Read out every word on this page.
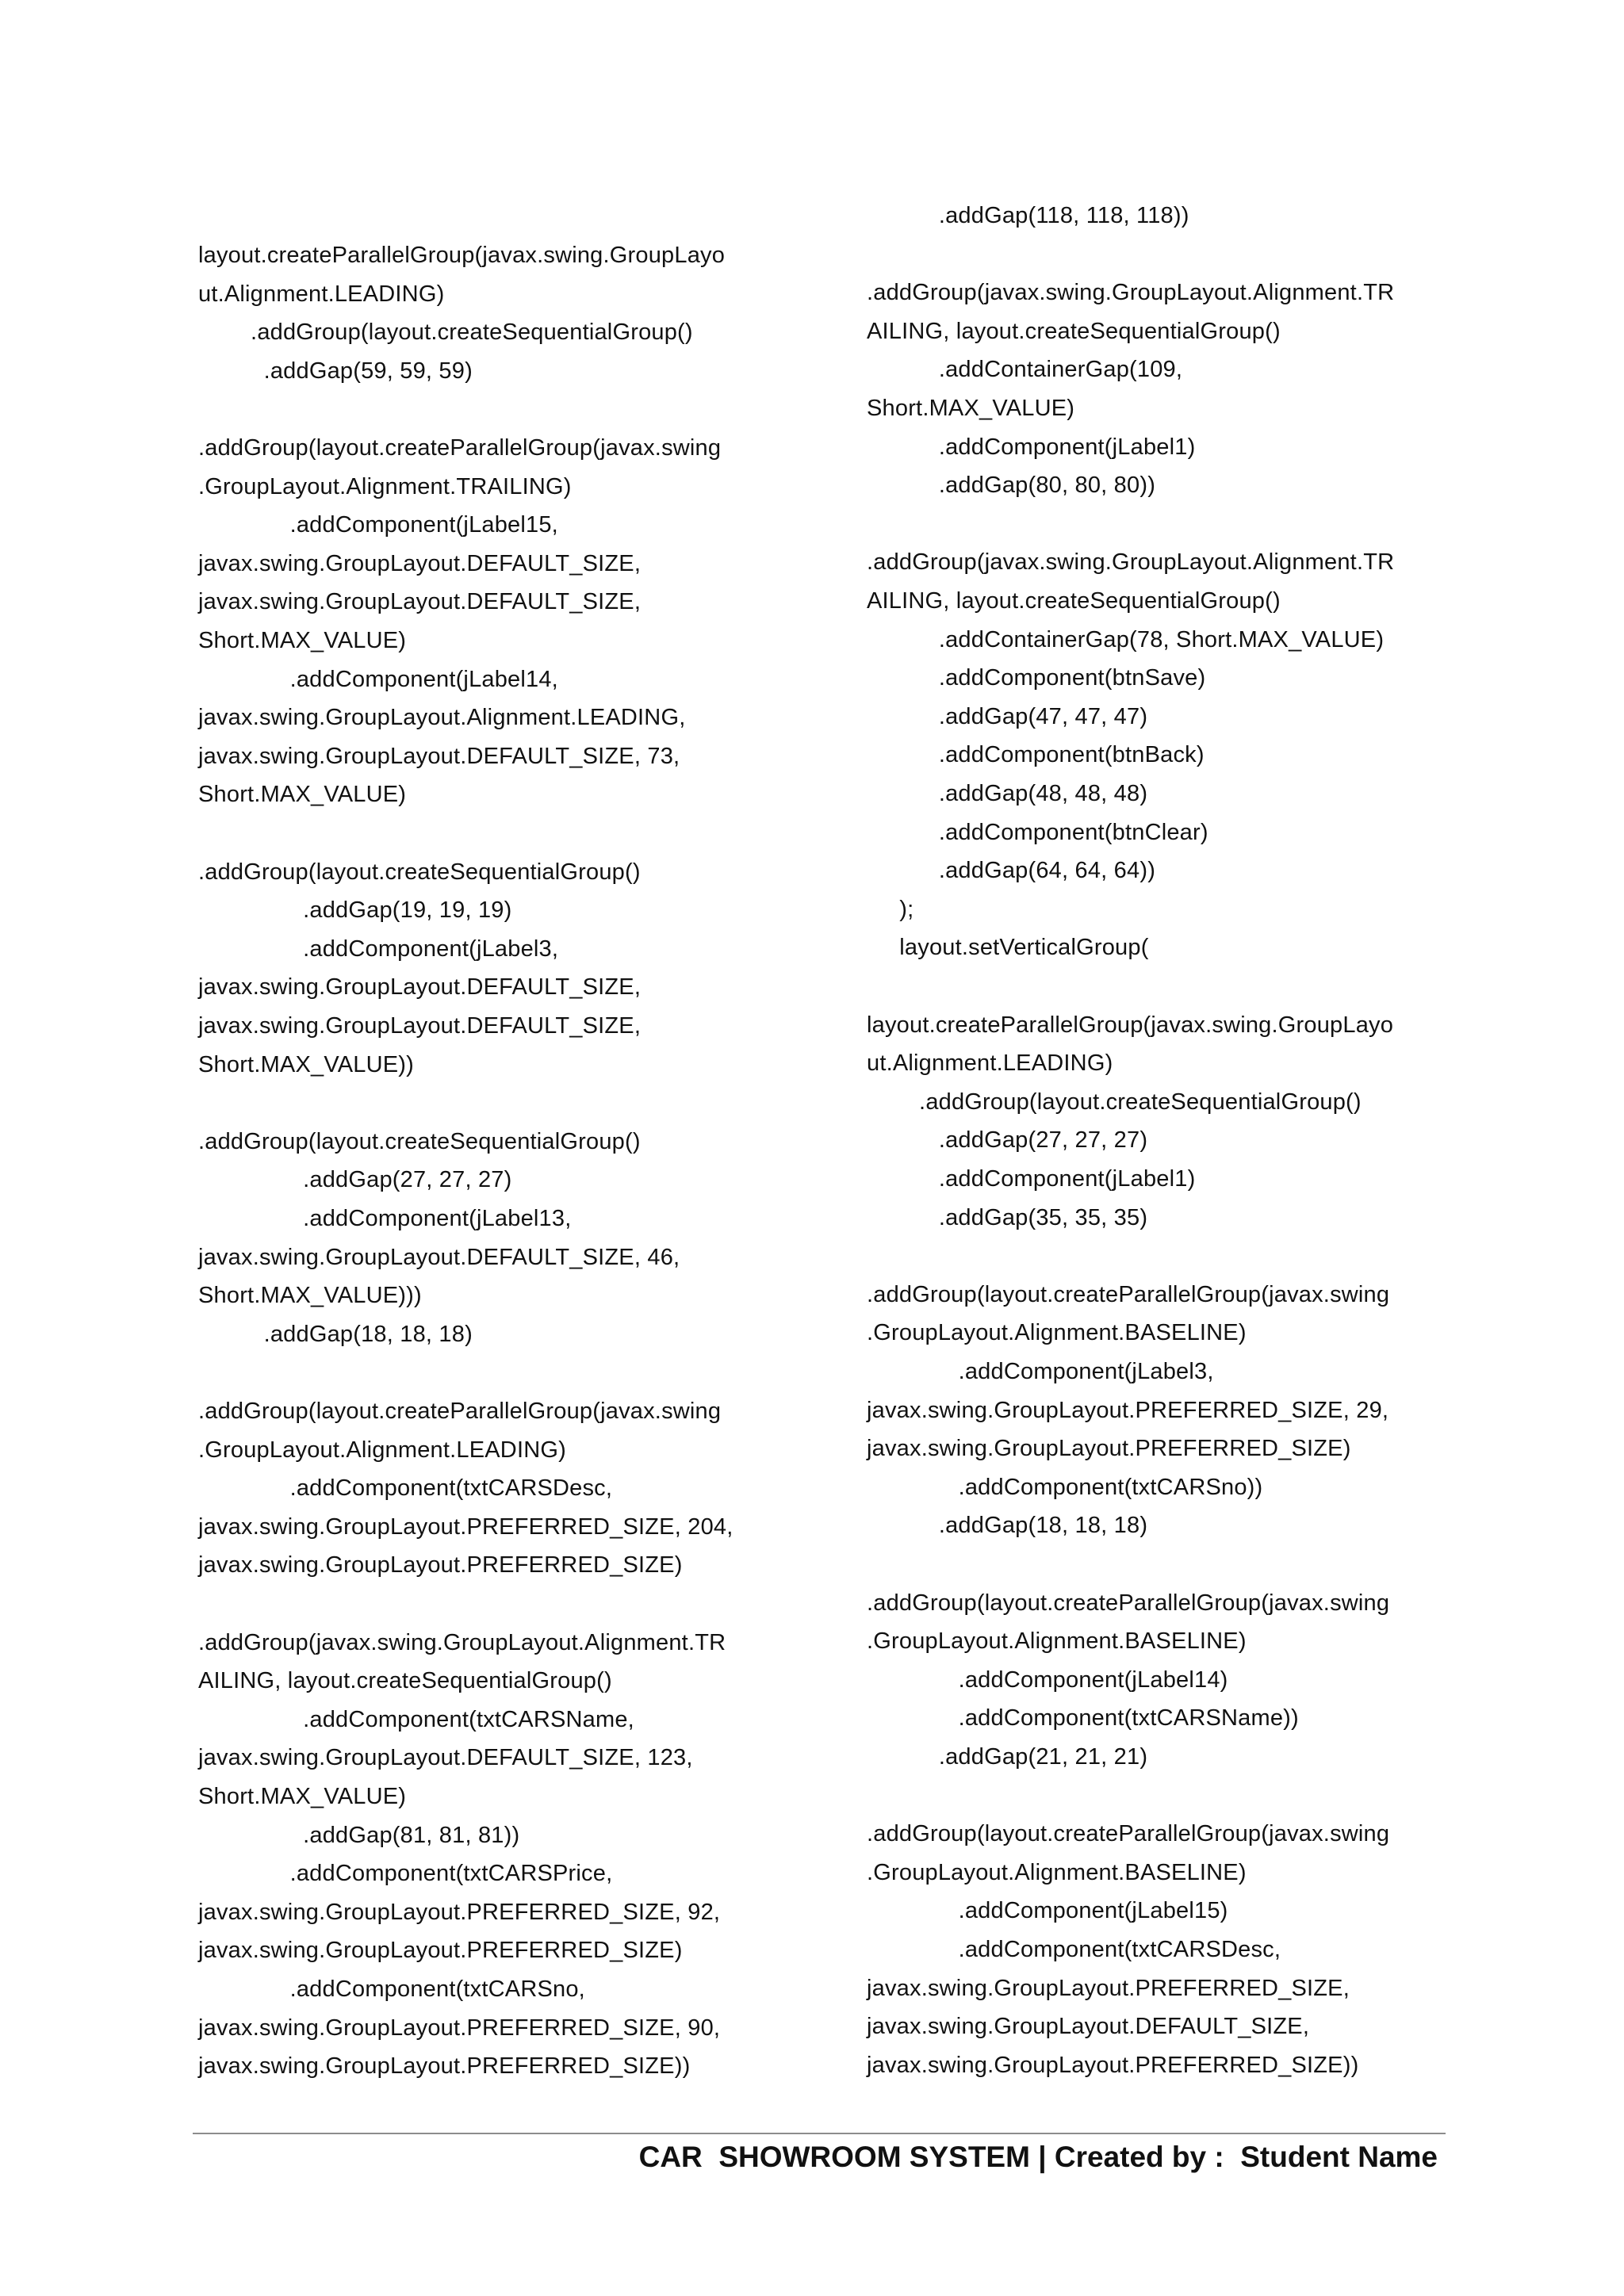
layout.createParallelGroup(javax.swing.GroupLayo
ut.Alignment.LEADING)
.addGroup(layout.createSequentialGroup()
.addGap(59, 59, 59)
.addGroup(layout.createParallelGroup(javax.swing
.GroupLayout.Alignment.TRAILING)
.addComponent(jLabel15,
javax.swing.GroupLayout.DEFAULT_SIZE,
javax.swing.GroupLayout.DEFAULT_SIZE,
Short.MAX_VALUE)
.addComponent(jLabel14,
javax.swing.GroupLayout.Alignment.LEADING,
javax.swing.GroupLayout.DEFAULT_SIZE, 73,
Short.MAX_VALUE)
.addGroup(layout.createSequentialGroup()
.addGap(19, 19, 19)
.addComponent(jLabel3,
javax.swing.GroupLayout.DEFAULT_SIZE,
javax.swing.GroupLayout.DEFAULT_SIZE,
Short.MAX_VALUE))
.addGroup(layout.createSequentialGroup()
.addGap(27, 27, 27)
.addComponent(jLabel13,
javax.swing.GroupLayout.DEFAULT_SIZE, 46,
Short.MAX_VALUE)))
.addGap(18, 18, 18)
.addGroup(layout.createParallelGroup(javax.swing
.GroupLayout.Alignment.LEADING)
.addComponent(txtCARSDesc,
javax.swing.GroupLayout.PREFERRED_SIZE, 204,
javax.swing.GroupLayout.PREFERRED_SIZE)
.addGroup(javax.swing.GroupLayout.Alignment.TR
AILING, layout.createSequentialGroup()
.addComponent(txtCARSName,
javax.swing.GroupLayout.DEFAULT_SIZE, 123,
Short.MAX_VALUE)
.addGap(81, 81, 81))
.addComponent(txtCARSPrice,
javax.swing.GroupLayout.PREFERRED_SIZE, 92,
javax.swing.GroupLayout.PREFERRED_SIZE)
.addComponent(txtCARSno,
javax.swing.GroupLayout.PREFERRED_SIZE, 90,
javax.swing.GroupLayout.PREFERRED_SIZE))
.addGap(118, 118, 118))
.addGroup(javax.swing.GroupLayout.Alignment.TR
AILING, layout.createSequentialGroup()
.addContainerGap(109,
Short.MAX_VALUE)
.addComponent(jLabel1)
.addGap(80, 80, 80))
.addGroup(javax.swing.GroupLayout.Alignment.TR
AILING, layout.createSequentialGroup()
.addContainerGap(78, Short.MAX_VALUE)
.addComponent(btnSave)
.addGap(47, 47, 47)
.addComponent(btnBack)
.addGap(48, 48, 48)
.addComponent(btnClear)
.addGap(64, 64, 64))
);
layout.setVerticalGroup(
layout.createParallelGroup(javax.swing.GroupLayo
ut.Alignment.LEADING)
.addGroup(layout.createSequentialGroup()
.addGap(27, 27, 27)
.addComponent(jLabel1)
.addGap(35, 35, 35)
.addGroup(layout.createParallelGroup(javax.swing
.GroupLayout.Alignment.BASELINE)
.addComponent(jLabel3,
javax.swing.GroupLayout.PREFERRED_SIZE, 29,
javax.swing.GroupLayout.PREFERRED_SIZE)
.addComponent(txtCARSno))
.addGap(18, 18, 18)
.addGroup(layout.createParallelGroup(javax.swing
.GroupLayout.Alignment.BASELINE)
.addComponent(jLabel14)
.addComponent(txtCARSName))
.addGap(21, 21, 21)
.addGroup(layout.createParallelGroup(javax.swing
.GroupLayout.Alignment.BASELINE)
.addComponent(jLabel15)
.addComponent(txtCARSDesc,
javax.swing.GroupLayout.PREFERRED_SIZE,
javax.swing.GroupLayout.DEFAULT_SIZE,
javax.swing.GroupLayout.PREFERRED_SIZE))
CAR  SHOWROOM SYSTEM | Created by :  Student Name
